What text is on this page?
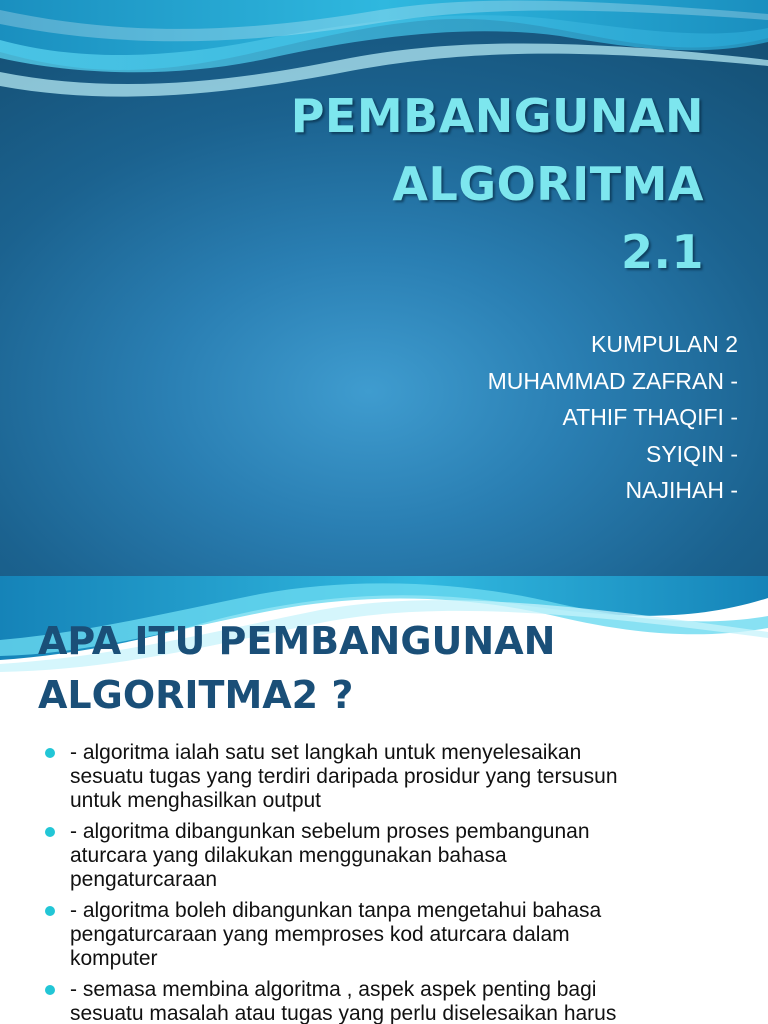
PEMBANGUNAN
ALGORITMA
2.1
KUMPULAN 2
MUHAMMAD ZAFRAN -
ATHIF THAQIFI -
SYIQIN -
NAJIHAH -
APA ITU PEMBANGUNAN
ALGORITMA2 ?
- algoritma ialah satu set langkah untuk menyelesaikan
sesuatu tugas yang terdiri daripada prosidur yang tersusun
untuk menghasilkan output
- algoritma dibangunkan sebelum proses pembangunan
aturcara yang dilakukan menggunakan bahasa
pengaturcaraan
- algoritma boleh dibangunkan tanpa mengetahui bahasa
pengaturcaraan yang memproses kod aturcara dalam
komputer
- semasa membina algoritma , aspek aspek penting bagi
sesuatu masalah atau tugas yang perlu diselesaikan harus
